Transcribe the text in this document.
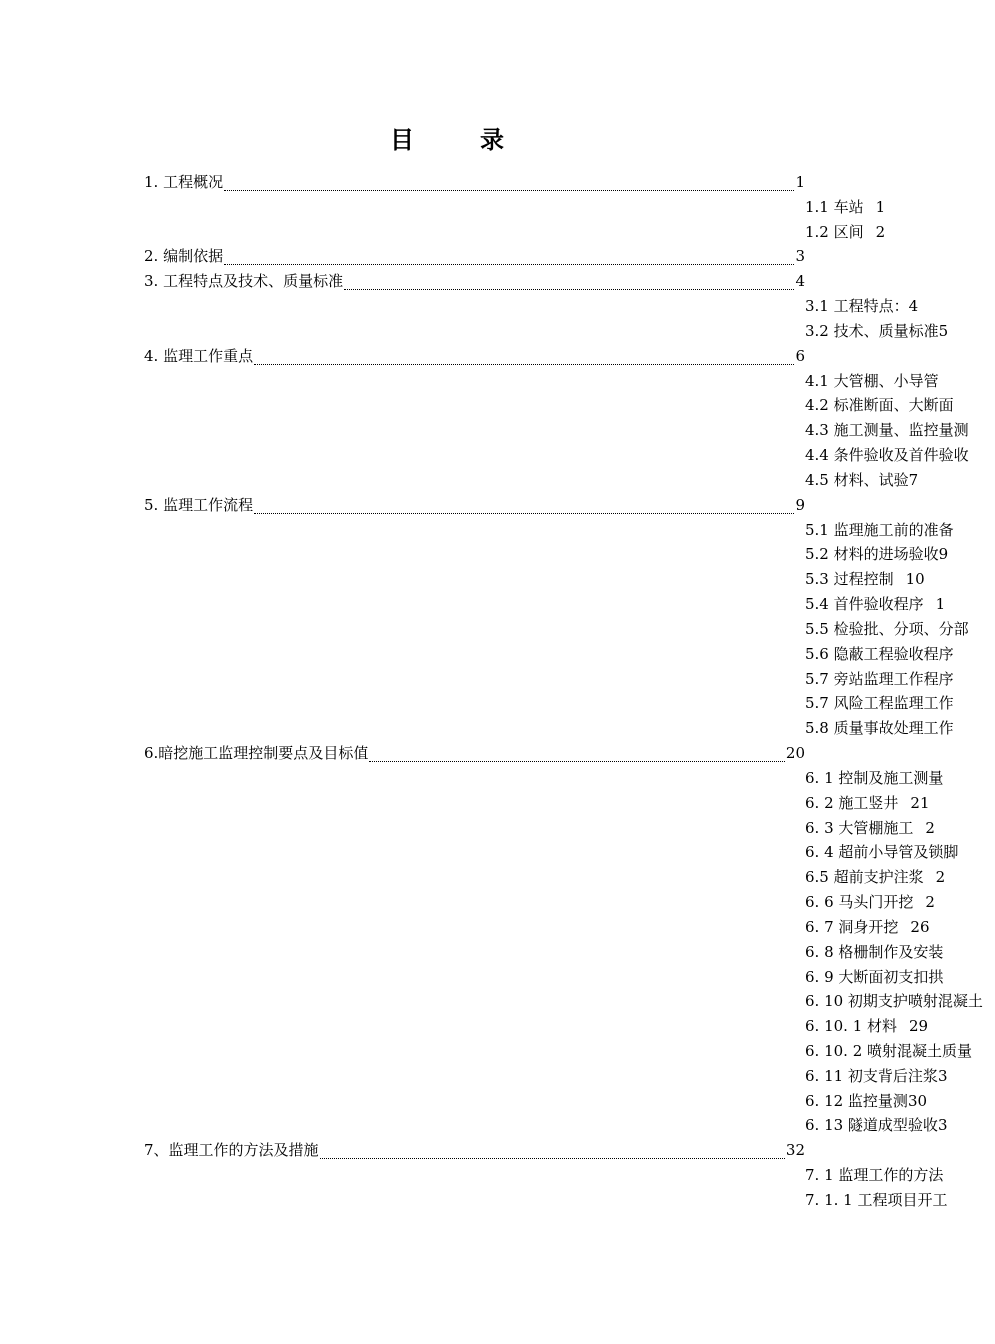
目录
1. 工程概况	1
1.1 车站 1
1.2 区间 2
2. 编制依据	3
3. 工程特点及技术、质量标准	4
3.1 工程特点：4
3.2 技术、质量标准5
4. 监理工作重点	6
4.1 大管棚、小导管
4.2 标准断面、大断面
4.3 施工测量、监控量测
4.4 条件验收及首件验收
4.5 材料、试验7
5. 监理工作流程	9
5.1 监理施工前的准备
5.2 材料的进场验收9
5.3 过程控制 10
5.4 首件验收程序 1
5.5 检验批、分项、分部
5.6 隐蔽工程验收程序
5.7 旁站监理工作程序
5.7 风险工程监理工作
5.8 质量事故处理工作
6.暗挖施工监理控制要点及目标值	20
6. 1 控制及施工测量
6. 2 施工竖井 21
6. 3 大管棚施工 2
6. 4 超前小导管及锁脚
6.5 超前支护注浆 2
6. 6 马头门开挖 2
6. 7 洞身开挖 26
6. 8 格栅制作及安装
6. 9 大断面初支扣拱
6. 10 初期支护喷射混凝土
6. 10. 1 材料 29
6. 10. 2 喷射混凝土质量
6. 11 初支背后注浆3
6. 12 监控量测30
6. 13 隧道成型验收3
7、监理工作的方法及措施	32
7. 1 监理工作的方法
7. 1. 1 工程项目开工
